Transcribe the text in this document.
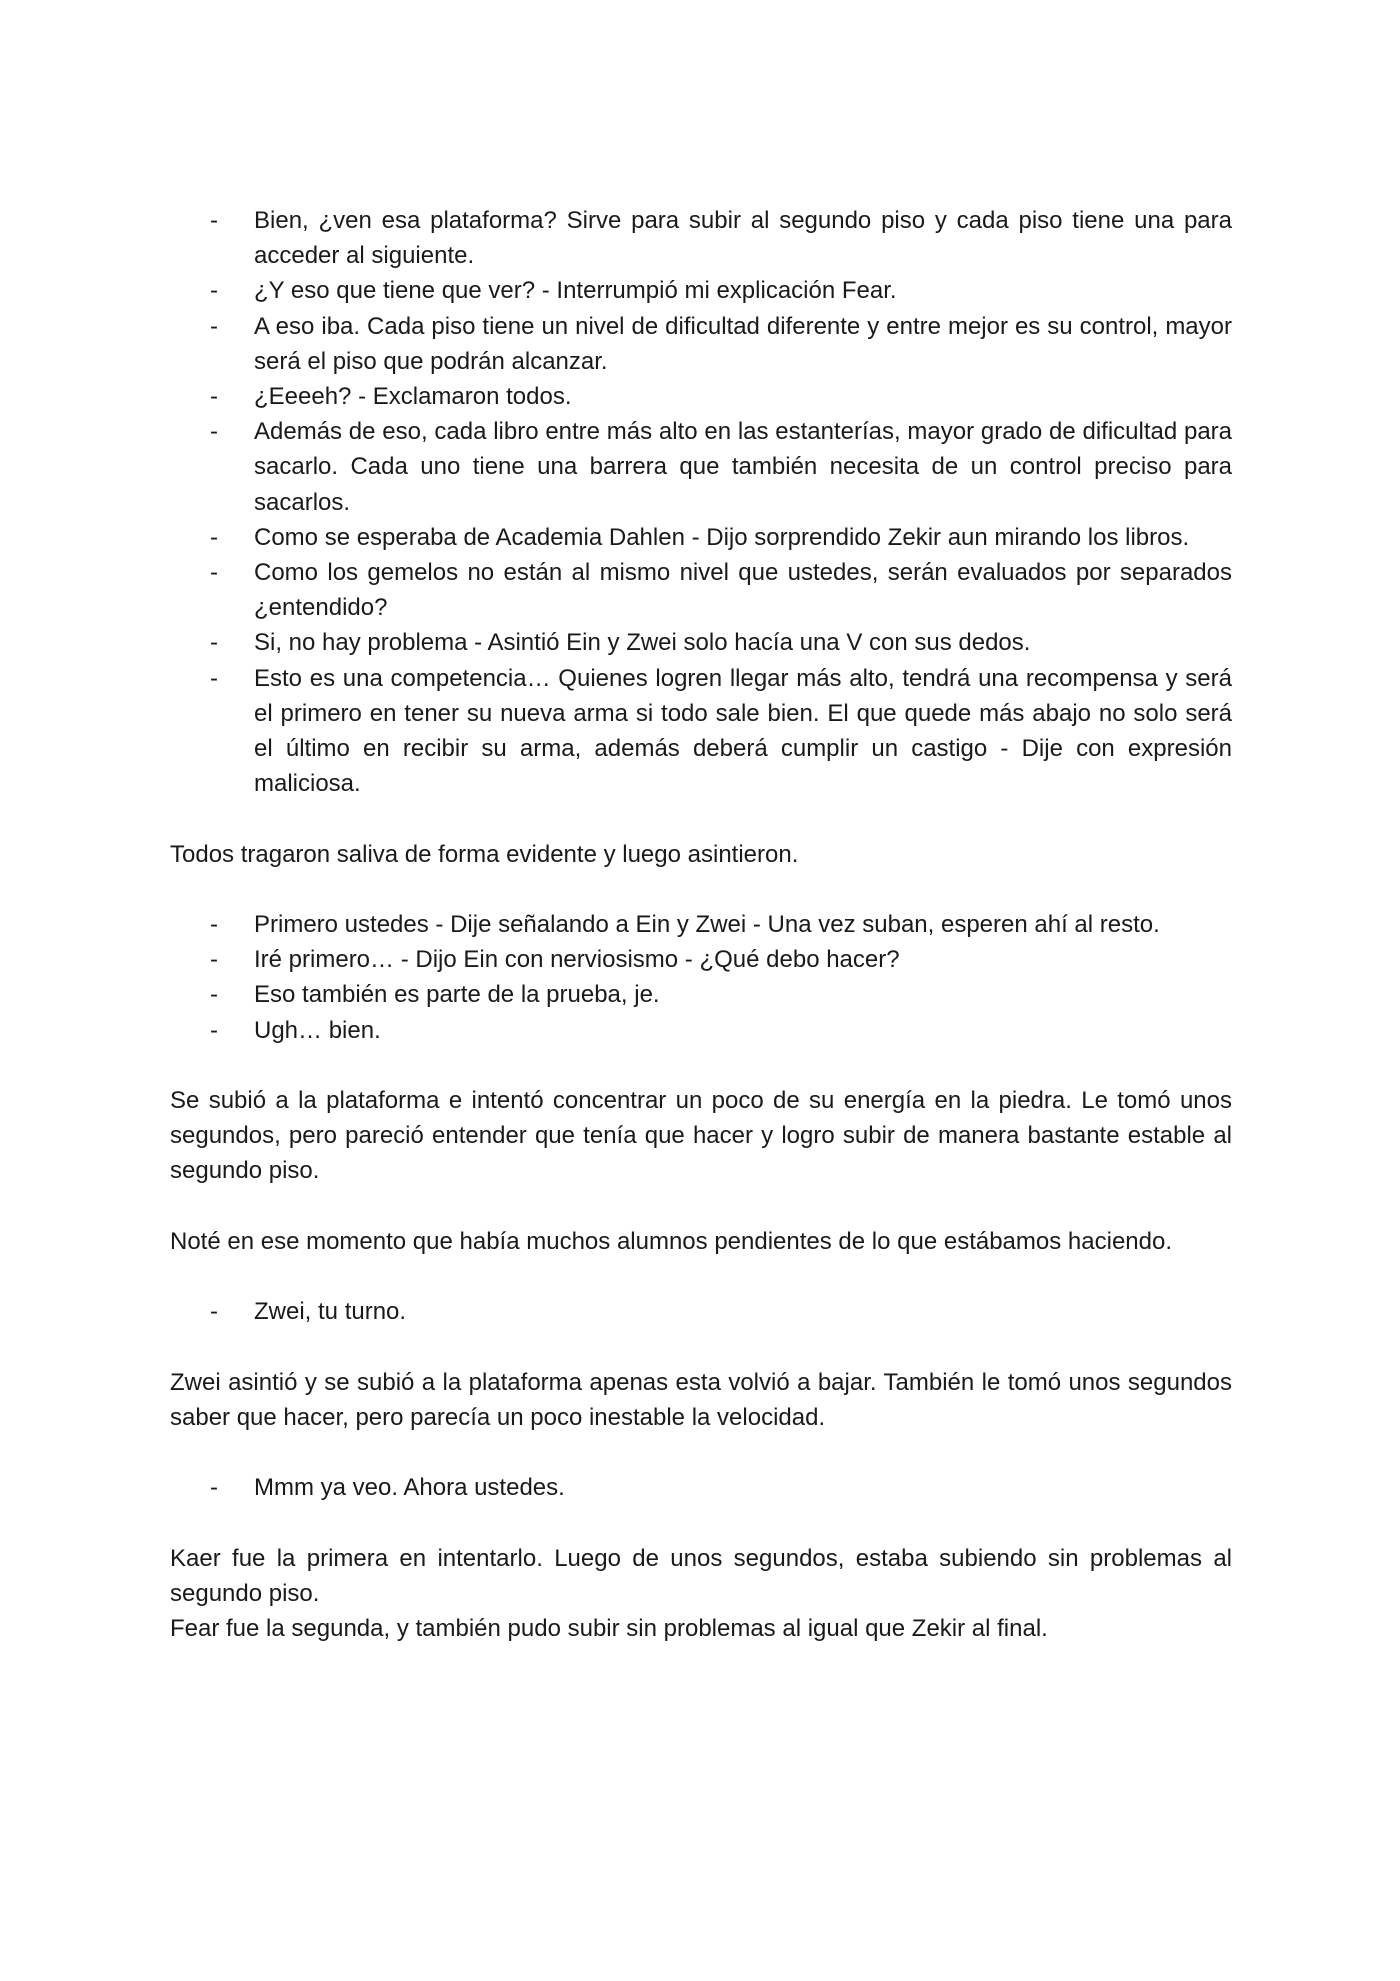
- Bien, ¿ven esa plataforma? Sirve para subir al segundo piso y cada piso tiene una para acceder al siguiente.
- ¿Y eso que tiene que ver? - Interrumpió mi explicación Fear.
- A eso iba. Cada piso tiene un nivel de dificultad diferente y entre mejor es su control, mayor será el piso que podrán alcanzar.
- ¿Eeeeh? - Exclamaron todos.
- Además de eso, cada libro entre más alto en las estanterías, mayor grado de dificultad para sacarlo. Cada uno tiene una barrera que también necesita de un control preciso para sacarlos.
- Como se esperaba de Academia Dahlen - Dijo sorprendido Zekir aun mirando los libros.
- Como los gemelos no están al mismo nivel que ustedes, serán evaluados por separados ¿entendido?
- Si, no hay problema - Asintió Ein y Zwei solo hacía una V con sus dedos.
- Esto es una competencia… Quienes logren llegar más alto, tendrá una recompensa y será el primero en tener su nueva arma si todo sale bien. El que quede más abajo no solo será el último en recibir su arma, además deberá cumplir un castigo - Dije con expresión maliciosa.

Todos tragaron saliva de forma evidente y luego asintieron.

- Primero ustedes - Dije señalando a Ein y Zwei - Una vez suban, esperen ahí al resto.
- Iré primero… - Dijo Ein con nerviosismo - ¿Qué debo hacer?
- Eso también es parte de la prueba, je.
- Ugh… bien.

Se subió a la plataforma e intentó concentrar un poco de su energía en la piedra. Le tomó unos segundos, pero pareció entender que tenía que hacer y logro subir de manera bastante estable al segundo piso.

Noté en ese momento que había muchos alumnos pendientes de lo que estábamos haciendo.

- Zwei, tu turno.

Zwei asintió y se subió a la plataforma apenas esta volvió a bajar. También le tomó unos segundos saber que hacer, pero parecía un poco inestable la velocidad.

- Mmm ya veo. Ahora ustedes.

Kaer fue la primera en intentarlo. Luego de unos segundos, estaba subiendo sin problemas al segundo piso.

Fear fue la segunda, y también pudo subir sin problemas al igual que Zekir al final.
